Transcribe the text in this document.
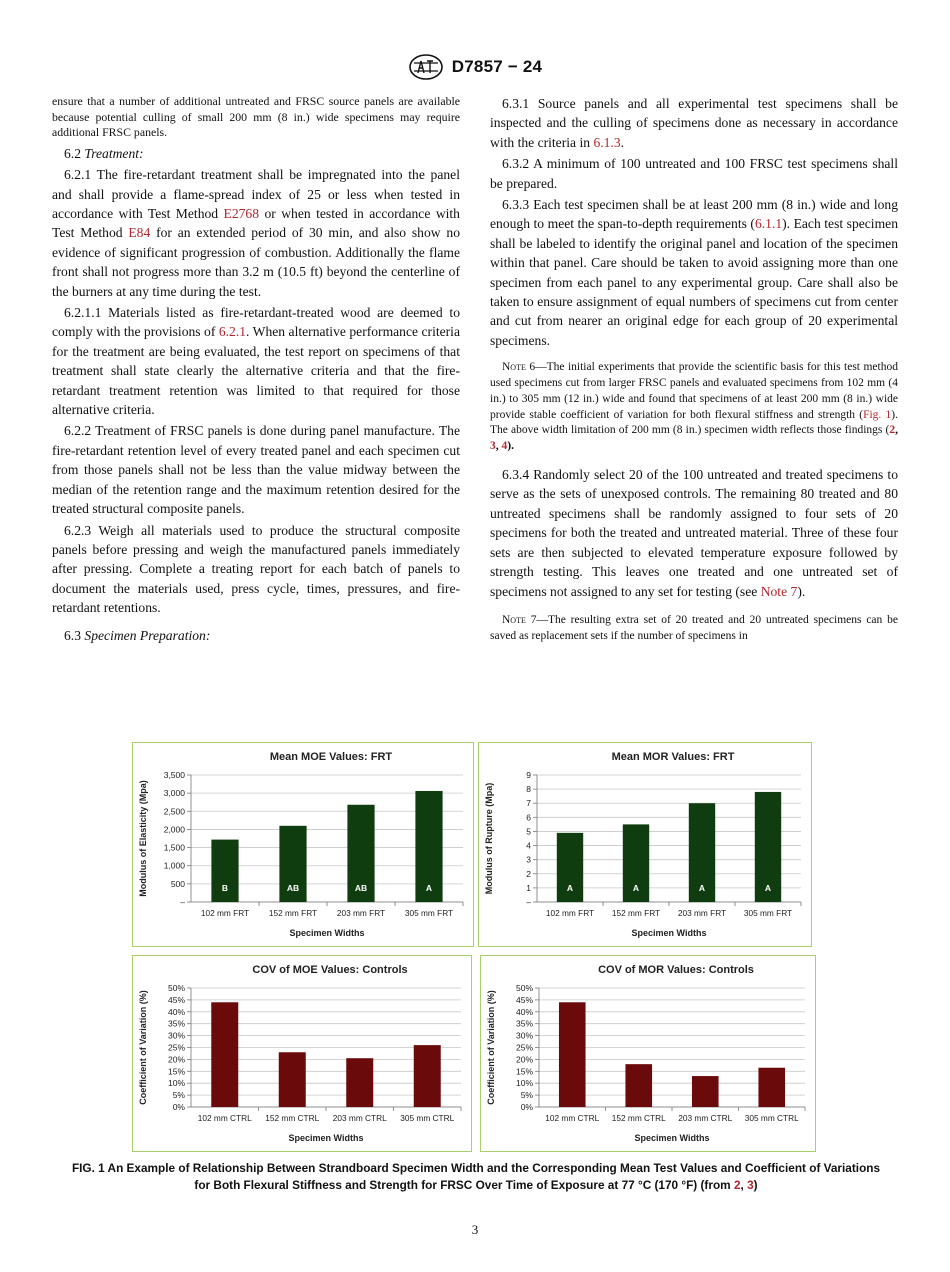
D7857 − 24

ensure that a number of additional untreated and FRSC source panels are available because potential culling of small 200 mm (8 in.) wide specimens may require additional FRSC panels.

6.2 Treatment:

6.2.1 The fire-retardant treatment shall be impregnated into the panel and shall provide a flame-spread index of 25 or less when tested in accordance with Test Method E2768 or when tested in accordance with Test Method E84 for an extended period of 30 min, and also show no evidence of significant progression of combustion. Additionally the flame front shall not progress more than 3.2 m (10.5 ft) beyond the centerline of the burners at any time during the test.

6.2.1.1 Materials listed as fire-retardant-treated wood are deemed to comply with the provisions of 6.2.1. When alternative performance criteria for the treatment are being evaluated, the test report on specimens of that treatment shall state clearly the alternative criteria and that the fire-retardant treatment retention was limited to that required for those alternative criteria.

6.2.2 Treatment of FRSC panels is done during panel manufacture. The fire-retardant retention level of every treated panel and each specimen cut from those panels shall not be less than the value midway between the median of the retention range and the maximum retention desired for the treated structural composite panels.

6.2.3 Weigh all materials used to produce the structural composite panels before pressing and weigh the manufactured panels immediately after pressing. Complete a treating report for each batch of panels to document the materials used, press cycle, times, pressures, and fire-retardant retentions.

6.3 Specimen Preparation:

6.3.1 Source panels and all experimental test specimens shall be inspected and the culling of specimens done as necessary in accordance with the criteria in 6.1.3.

6.3.2 A minimum of 100 untreated and 100 FRSC test specimens shall be prepared.

6.3.3 Each test specimen shall be at least 200 mm (8 in.) wide and long enough to meet the span-to-depth requirements (6.1.1). Each test specimen shall be labeled to identify the original panel and location of the specimen within that panel. Care should be taken to avoid assigning more than one specimen from each panel to any experimental group. Care shall also be taken to ensure assignment of equal numbers of specimens cut from center and cut from nearer an original edge for each group of 20 experimental specimens.

Note 6—The initial experiments that provide the scientific basis for this test method used specimens cut from larger FRSC panels and evaluated specimens from 102 mm (4 in.) to 305 mm (12 in.) wide and found that specimens of at least 200 mm (8 in.) wide provide stable coefficient of variation for both flexural stiffness and strength (Fig. 1). The above width limitation of 200 mm (8 in.) specimen width reflects those findings (2, 3, 4).

6.3.4 Randomly select 20 of the 100 untreated and treated specimens to serve as the sets of unexposed controls. The remaining 80 treated and 80 untreated specimens shall be randomly assigned to four sets of 20 specimens for both the treated and untreated material. Three of these four sets are then subjected to elevated temperature exposure followed by strength testing. This leaves one treated and one untreated set of specimens not assigned to any set for testing (see Note 7).

Note 7—The resulting extra set of 20 treated and 20 untreated specimens can be saved as replacement sets if the number of specimens in

Mean MOE Values: FRT
–
500
1,000
1,500
2,000
2,500
3,000
3,500
B
102 mm FRT
AB
152 mm FRT
AB
203 mm FRT
A
305 mm FRT
Specimen Widths
Modulus of Elasticity (Mpa)
Mean MOR Values: FRT
–
1
2
3
4
5
6
7
8
9
A
102 mm FRT
A
152 mm FRT
A
203 mm FRT
A
305 mm FRT
Specimen Widths
Modulus of Rupture (Mpa)
COV of MOE Values: Controls
0%
5%
10%
15%
20%
25%
30%
35%
40%
45%
50%
102 mm CTRL 152 mm CTRL 203 mm CTRL 305 mm CTRL
Specimen Widths
Coefficient of Variation (%)
COV of MOR Values: Controls
0%
5%
10%
15%
20%
25%
30%
35%
40%
45%
50%
102 mm CTRL 152 mm CTRL 203 mm CTRL 305 mm CTRL
Specimen Widths
Coefficient of Variation (%)
FIG. 1 An Example of Relationship Between Strandboard Specimen Width and the Corresponding Mean Test Values and Coefficient of Variations for Both Flexural Stiffness and Strength for FRSC Over Time of Exposure at 77 °C (170 °F) (from 2, 3)
3
